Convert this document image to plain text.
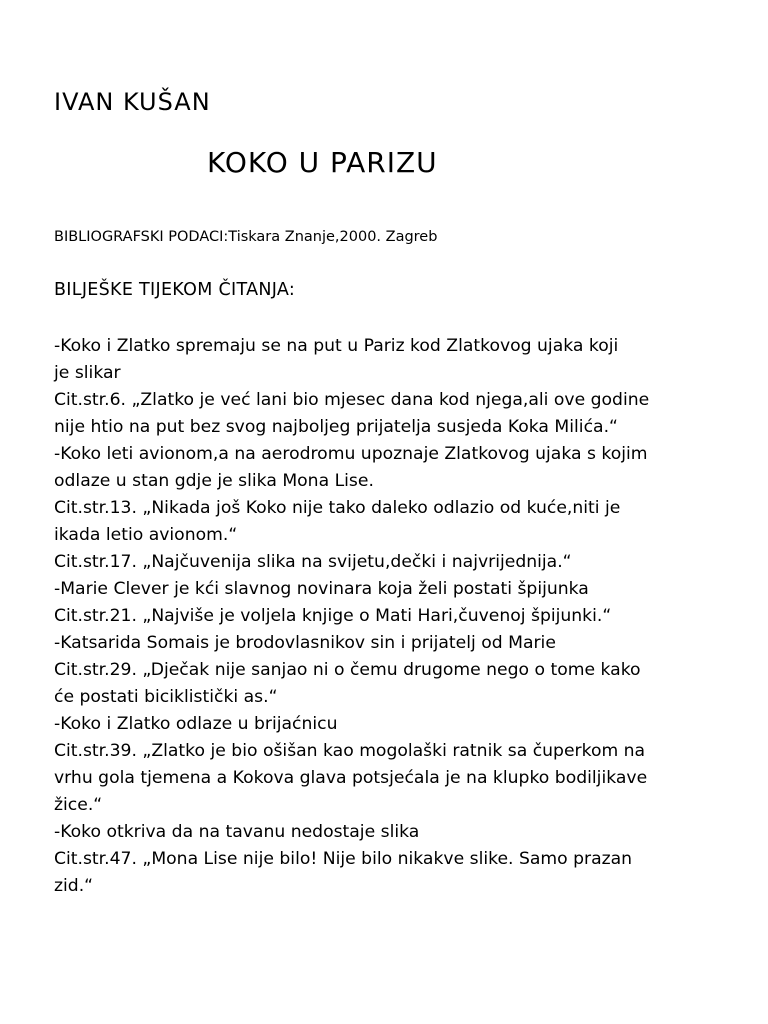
IVAN KUŠAN
KOKO U PARIZU
BIBLIOGRAFSKI PODACI:Tiskara Znanje,2000. Zagreb
BILJEŠKE TIJEKOM ČITANJA:
-Koko i Zlatko spremaju se na put u Pariz kod Zlatkovog ujaka koji
je slikar
Cit.str.6. „Zlatko je već lani bio mjesec dana kod njega,ali ove godine
nije htio na put bez svog najboljeg prijatelja susjeda Koka Milića.“
-Koko leti avionom,a na aerodromu upoznaje Zlatkovog ujaka s kojim
odlaze u stan gdje je slika Mona Lise.
Cit.str.13. „Nikada još Koko nije tako daleko odlazio od kuće,niti je
ikada letio avionom.“
Cit.str.17. „Najčuvenija slika na svijetu,dečki i najvrijednija.“
-Marie Clever je kći slavnog novinara koja želi postati špijunka
Cit.str.21. „Najviše je voljela knjige o Mati Hari,čuvenoj špijunki.“
-Katsarida Somais je brodovlasnikov sin i prijatelj od Marie
Cit.str.29. „Dječak nije sanjao ni o čemu drugome nego o tome kako
će postati biciklistički as.“
-Koko i Zlatko odlaze u brijaćnicu
Cit.str.39. „Zlatko je bio ošišan kao mogolaški ratnik sa čuperkom na
vrhu gola tjemena a Kokova glava potsjećala je na klupko bodiljikave
žice.“
-Koko otkriva da na tavanu nedostaje slika
Cit.str.47. „Mona Lise nije bilo! Nije bilo nikakve slike. Samo prazan
zid.“
